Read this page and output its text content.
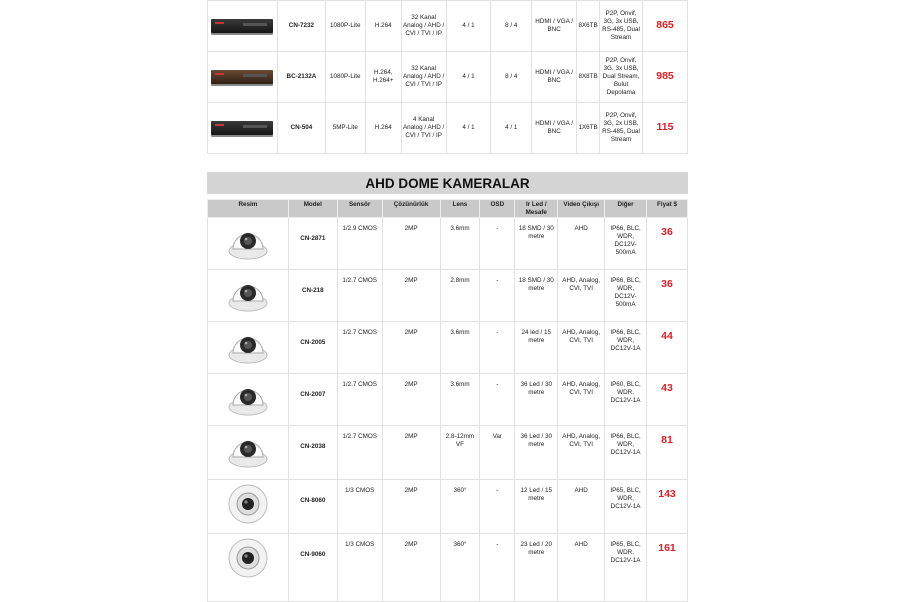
	CN-7232	1080P-Lite	H.264	32 Kanal Analog / AHD / CVI / TVI / IP	4 / 1	8 / 4	HDMI / VGA / BNC	8X6TB	P2P, Onvif, 3G, 3x USB, RS-485, Dual Stream	865

	BC-2132A	1080P-Lite	H.264, H.264+	32 Kanal Analog / AHD / CVI / TVI / IP	4 / 1	8 / 4	HDMI / VGA / BNC	8X8TB	P2P, Onvif, 3G, 3x USB, Dual Stream, Bulut Depolama	985

	CN-504	5MP-Lite	H.264	4 Kanal Analog / AHD / CVI / TVI / IP	4 / 1	4 / 1	HDMI / VGA / BNC	1X6TB	P2P, Onvif, 3G, 2x USB, RS-485, Dual Stream	115
AHD DOME KAMERALAR
Resim	Model	Sensör	Çözünürlük	Lens	OSD	Ir Led / Mesafe	Video Çıkışı	Diğer	Fiyat $

	CN-2871	1/2.9 CMOS	2MP	3.6mm	-	18 SMD / 30 metre	AHD	IP66, BLC, WDR, DC12V-500mA	36

	CN-218	1/2.7 CMOS	2MP	2.8mm	-	18 SMD / 30 metre	AHD, Analog, CVI, TVI	IP66, BLC, WDR, DC12V-500mA	36

	CN-2005	1/2.7 CMOS	2MP	3.6mm	-	24 led / 15 metre	AHD, Analog, CVI, TVI	IP66, BLC, WDR, DC12V-1A	44

	CN-2007	1/2.7 CMOS	2MP	3.6mm	-	36 Led / 30 metre	AHD, Analog, CVI, TVI	IP60, BLC, WDR, DC12V-1A	43

	CN-2038	1/2.7 CMOS	2MP	2.8-12mm VF	Var	36 Led / 30 metre	AHD, Analog, CVI, TVI	IP66, BLC, WDR, DC12V-1A	81

	CN-8060	1/3 CMOS	2MP	360°	-	12 Led / 15 metre	AHD	IP65, BLC, WDR, DC12V-1A	143

	CN-9060	1/3 CMOS	2MP	360°	-	23 Led / 20 metre	AHD	IP65, BLC, WDR, DC12V-1A	161
